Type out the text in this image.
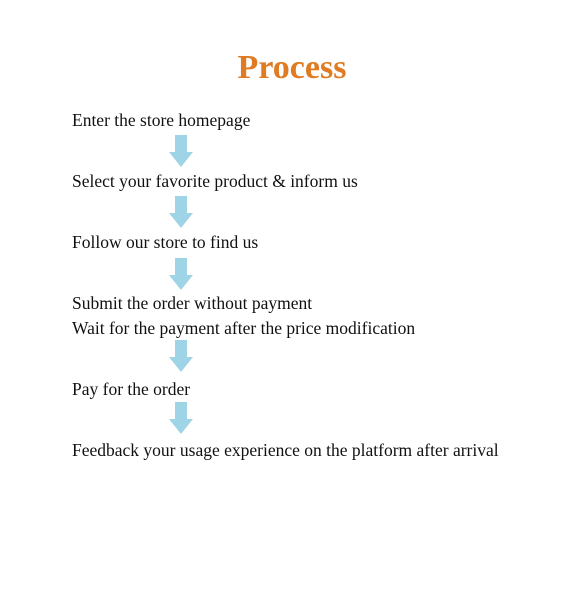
Process
Enter the store homepage
Select your favorite product & inform us
Follow our store to find us
Submit the order without payment
Wait for the payment after the price modification
Pay for the order
Feedback your usage experience on the platform after arrival
